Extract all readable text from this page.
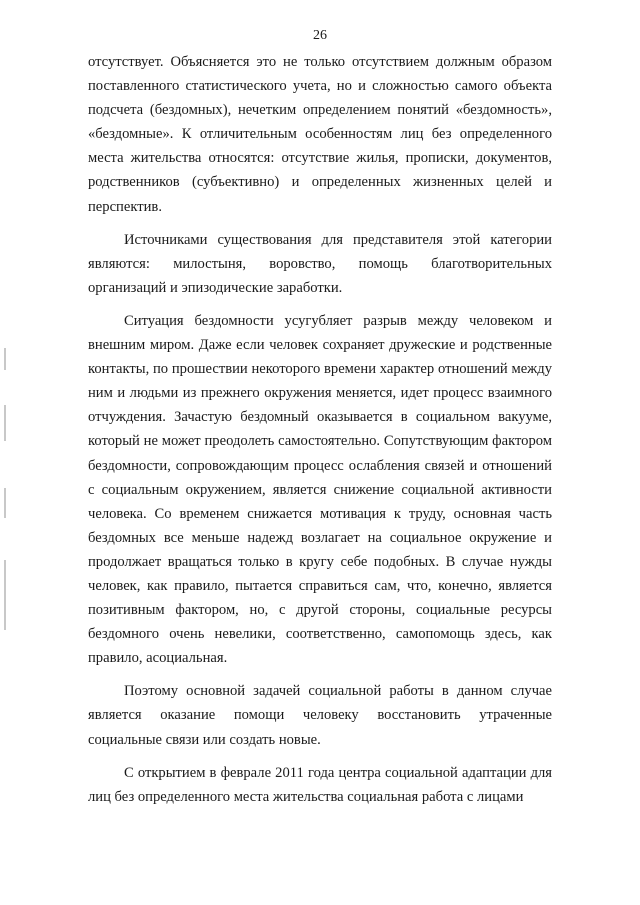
26

отсутствует. Объясняется это не только отсутствием должным образом поставленного статистического учета, но и сложностью самого объекта подсчета (бездомных), нечетким определением понятий «бездомность», «бездомные». К отличительным особенностям лиц без определенного места жительства относятся: отсутствие жилья, прописки, документов, родственников (субъективно) и определенных жизненных целей и перспектив.

Источниками существования для представителя этой категории являются: милостыня, воровство, помощь благотворительных организаций и эпизодические заработки.

Ситуация бездомности усугубляет разрыв между человеком и внешним миром. Даже если человек сохраняет дружеские и родственные контакты, по прошествии некоторого времени характер отношений между ним и людьми из прежнего окружения меняется, идет процесс взаимного отчуждения. Зачастую бездомный оказывается в социальном вакууме, который не может преодолеть самостоятельно. Сопутствующим фактором бездомности, сопровождающим процесс ослабления связей и отношений с социальным окружением, является снижение социальной активности человека. Со временем снижается мотивация к труду, основная часть бездомных все меньше надежд возлагает на социальное окружение и продолжает вращаться только в кругу себе подобных. В случае нужды человек, как правило, пытается справиться сам, что, конечно, является позитивным фактором, но, с другой стороны, социальные ресурсы бездомного очень невелики, соответственно, самопомощь здесь, как правило, асоциальная.

Поэтому основной задачей социальной работы в данном случае является оказание помощи человеку восстановить утраченные социальные связи или создать новые.

С открытием в феврале 2011 года центра социальной адаптации для лиц без определенного места жительства социальная работа с лицами
